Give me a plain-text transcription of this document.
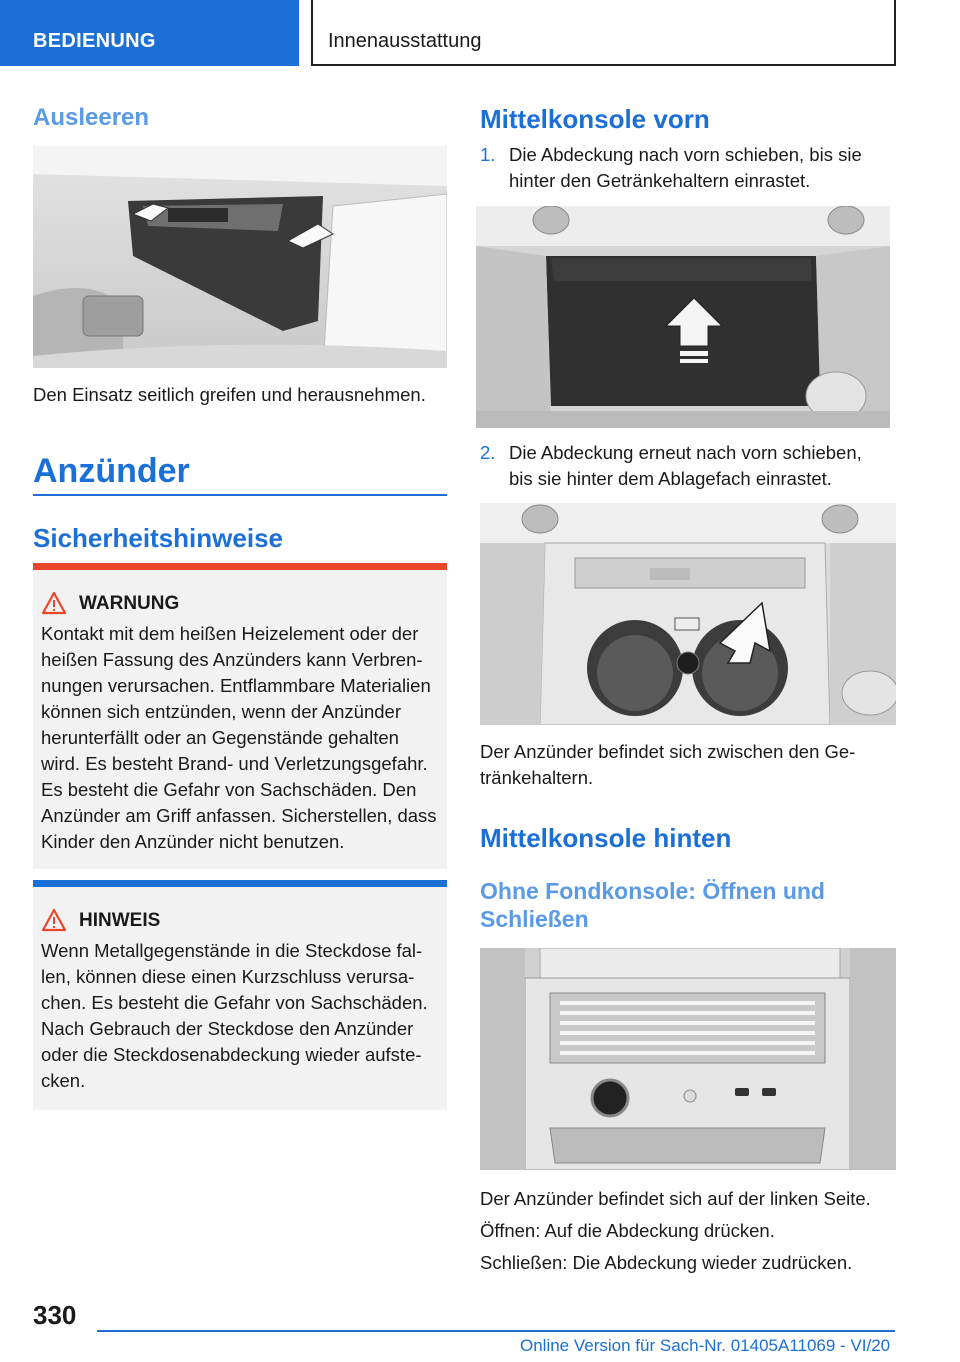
BEDIENUNG	Innenausstattung
Ausleeren

Den Einsatz seitlich greifen und herausnehmen.

Anzünder
Sicherheitshinweise
WARNUNG
Kontakt mit dem heißen Heizelement oder der
heißen Fassung des Anzünders kann Verbren-
nungen verursachen. Entflammbare Materialien
können sich entzünden, wenn der Anzünder
herunterfällt oder an Gegenstände gehalten
wird. Es besteht Brand- und Verletzungsgefahr.
Es besteht die Gefahr von Sachschäden. Den
Anzünder am Griff anfassen. Sicherstellen, dass
Kinder den Anzünder nicht benutzen.
HINWEIS
Wenn Metallgegenstände in die Steckdose fal-
len, können diese einen Kurzschluss verursa-
chen. Es besteht die Gefahr von Sachschäden.
Nach Gebrauch der Steckdose den Anzünder
oder die Steckdosenabdeckung wieder aufste-
cken.
Mittelkonsole vorn
1. Die Abdeckung nach vorn schieben, bis sie
hinter den Getränkehaltern einrastet.
2. Die Abdeckung erneut nach vorn schieben,
bis sie hinter dem Ablagefach einrastet.
Der Anzünder befindet sich zwischen den Ge-
tränkehaltern.
Mittelkonsole hinten
Ohne Fondkonsole: Öffnen und
Schließen
Der Anzünder befindet sich auf der linken Seite.
Öffnen: Auf die Abdeckung drücken.
Schließen: Die Abdeckung wieder zudrücken.
330
Online Version für Sach-Nr. 01405A11069 - VI/20
